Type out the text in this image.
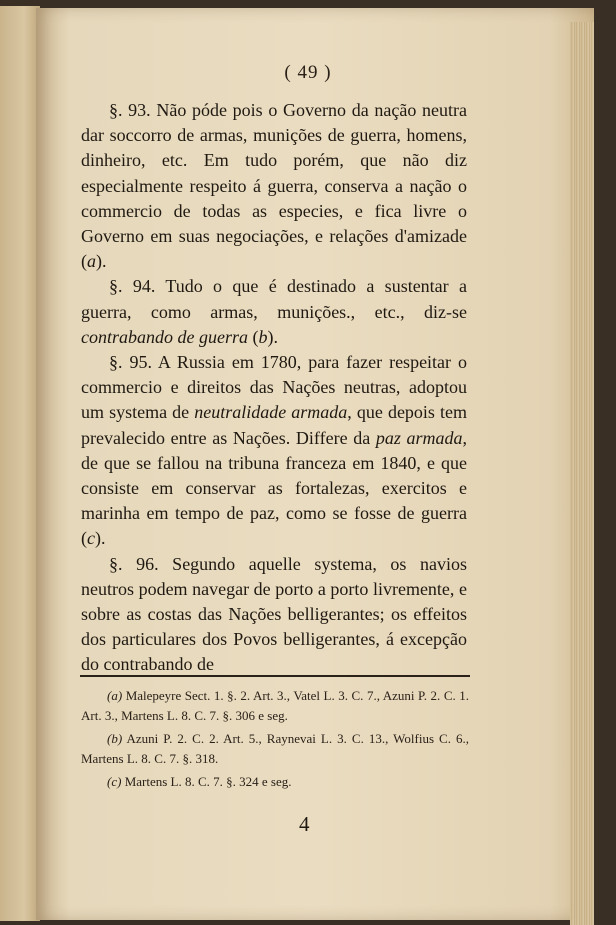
( 49 )

§. 93. Não póde pois o Governo da nação neutra dar soccorro de armas, munições de guerra, homens, dinheiro, etc. Em tudo porém, que não diz especialmente respeito á guerra, conserva a nação o commercio de todas as especies, e fica livre o Governo em suas negociações, e relações d'amizade (a).

§. 94. Tudo o que é destinado a sustentar a guerra, como armas, munições., etc., diz-se contrabando de guerra (b).

§. 95. A Russia em 1780, para fazer respeitar o commercio e direitos das Nações neutras, adoptou um systema de neutralidade armada, que depois tem prevalecido entre as Nações. Differe da paz armada, de que se fallou na tribuna franceza em 1840, e que consiste em conservar as fortalezas, exercitos e marinha em tempo de paz, como se fosse de guerra (c).

§. 96. Segundo aquelle systema, os navios neutros podem navegar de porto a porto livremente, e sobre as costas das Nações belligerantes; os effeitos dos particulares dos Povos belligerantes, á excepção do contrabando de

(a) Malepeyre Sect. 1. §. 2. Art. 3., Vatel L. 3. C. 7., Azuni P. 2. C. 1. Art. 3., Martens L. 8. C. 7. §. 306 e seg.

(b) Azuni P. 2. C. 2. Art. 5., Raynevai L. 3. C. 13., Wolfius C. 6., Martens L. 8. C. 7. §. 318.

(c) Martens L. 8. C. 7. §. 324 e seg.

4
